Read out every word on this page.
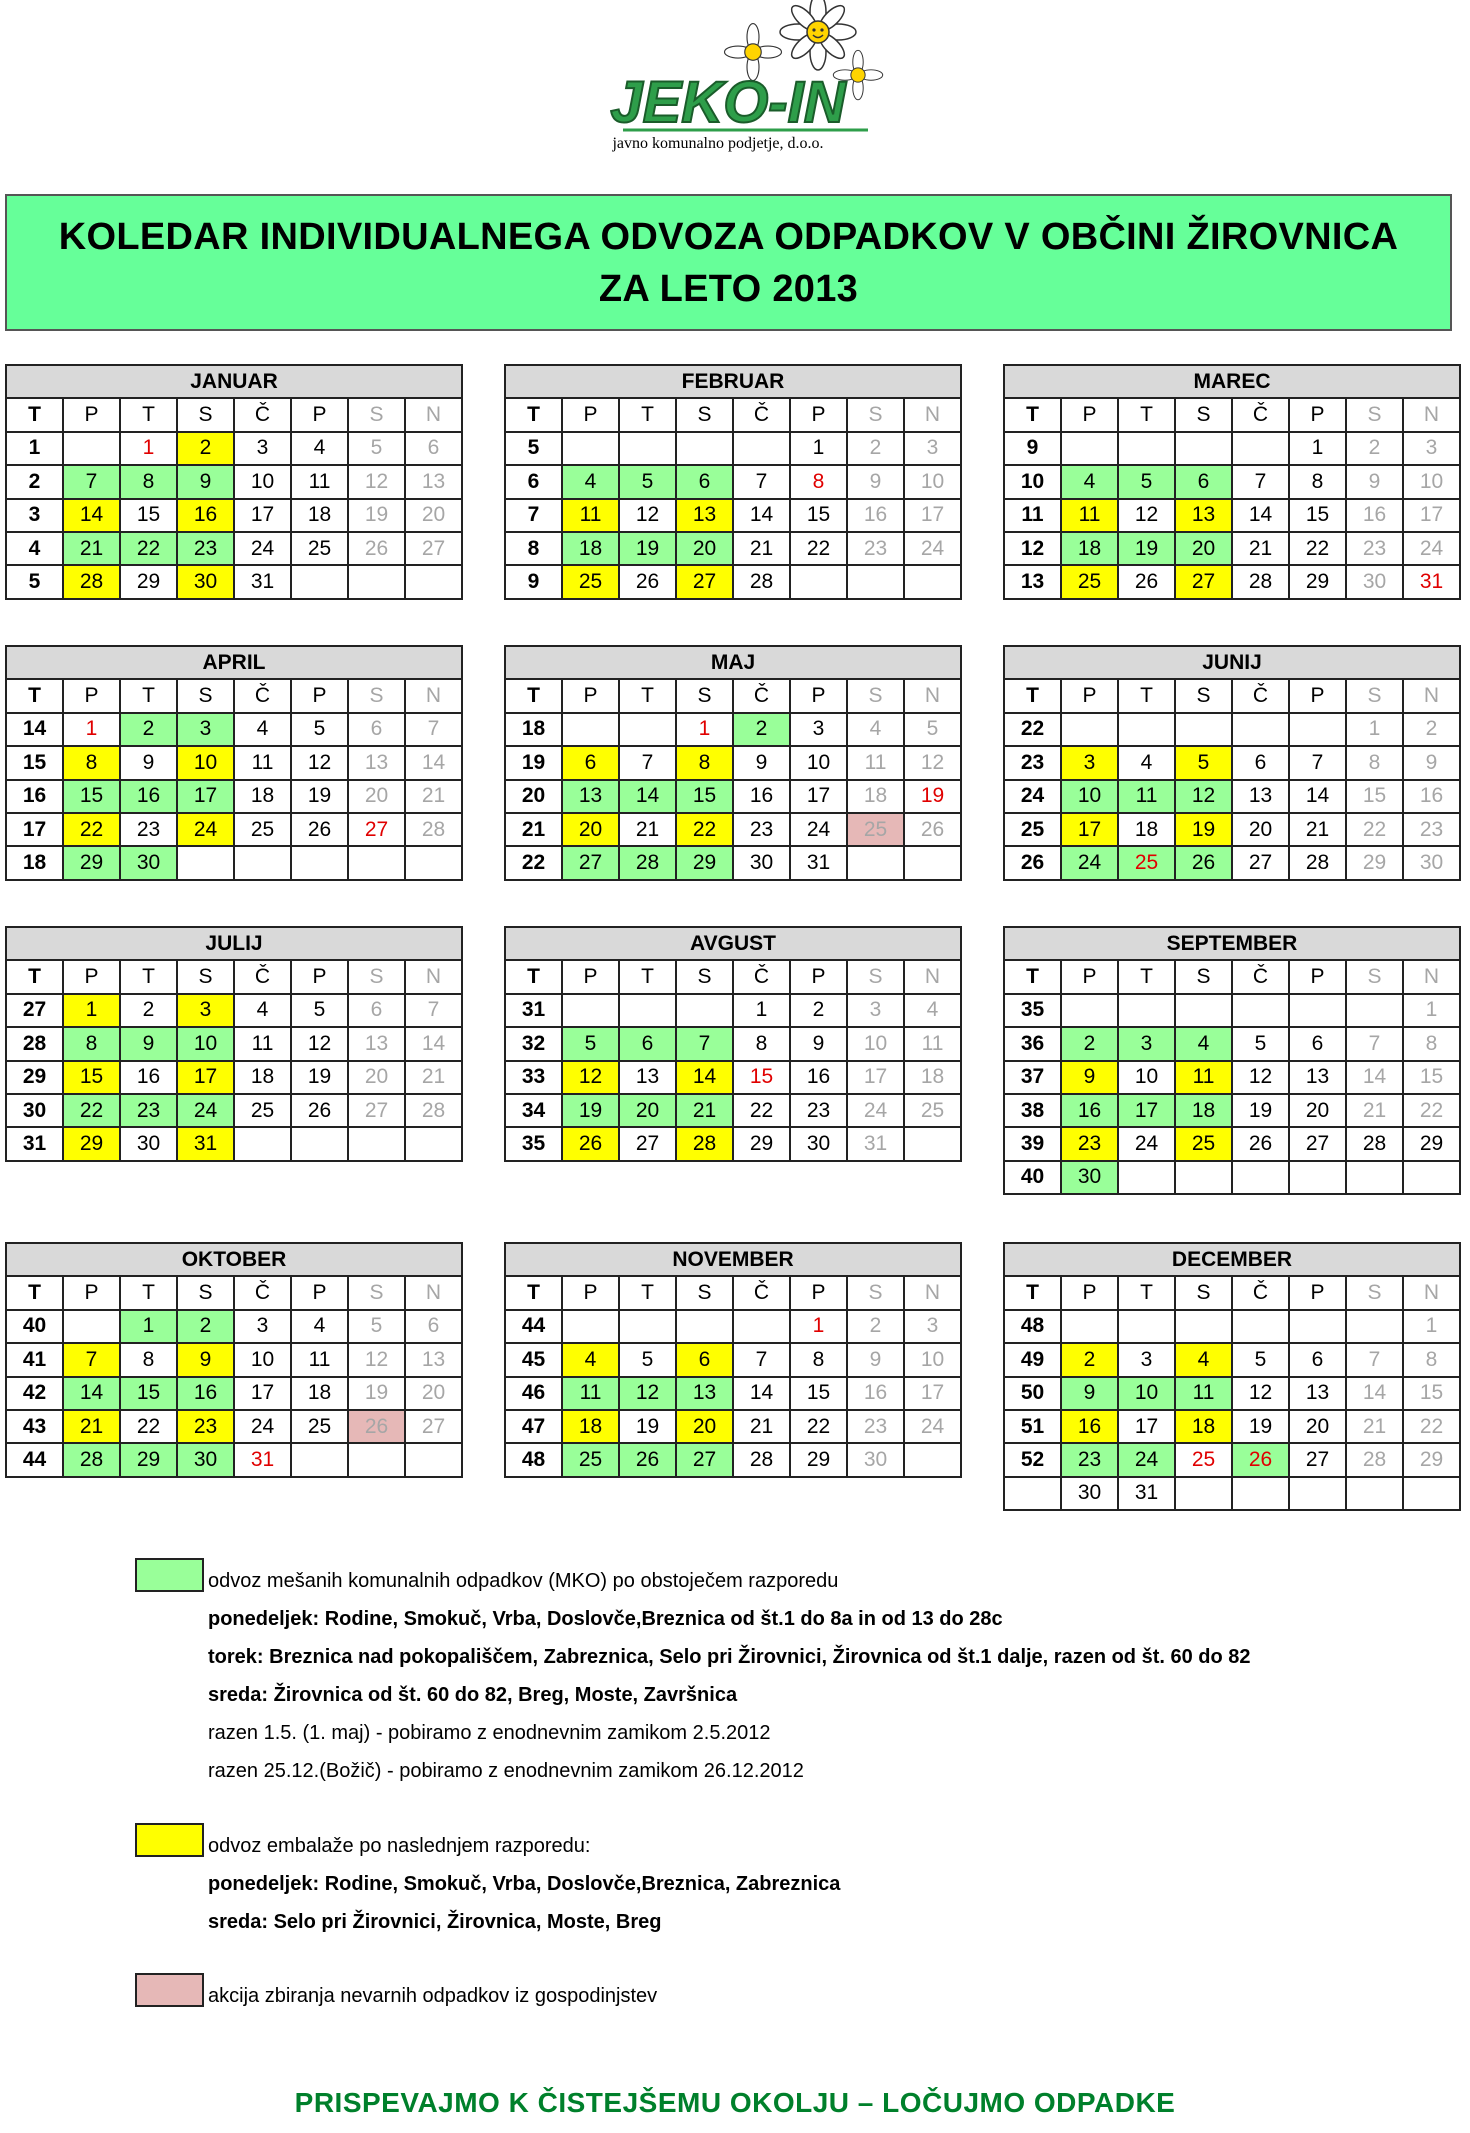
JEKO-IN
javno komunalno podjetje, d.o.o.
KOLEDAR INDIVIDUALNEGA ODVOZA ODPADKOV V OBČINI ŽIROVNICA
ZA LETO 2013
JANUAR							
T	P	T	S	Č	P	S	N
1		1	2	3	4	5	6
2	7	8	9	10	11	12	13
3	14	15	16	17	18	19	20
4	21	22	23	24	25	26	27
5	28	29	30	31			
FEBRUAR							
T	P	T	S	Č	P	S	N
5					1	2	3
6	4	5	6	7	8	9	10
7	11	12	13	14	15	16	17
8	18	19	20	21	22	23	24
9	25	26	27	28			
MAREC							
T	P	T	S	Č	P	S	N
9					1	2	3
10	4	5	6	7	8	9	10
11	11	12	13	14	15	16	17
12	18	19	20	21	22	23	24
13	25	26	27	28	29	30	31
APRIL							
T	P	T	S	Č	P	S	N
14	1	2	3	4	5	6	7
15	8	9	10	11	12	13	14
16	15	16	17	18	19	20	21
17	22	23	24	25	26	27	28
18	29	30					
MAJ							
T	P	T	S	Č	P	S	N
18			1	2	3	4	5
19	6	7	8	9	10	11	12
20	13	14	15	16	17	18	19
21	20	21	22	23	24	25	26
22	27	28	29	30	31		
JUNIJ							
T	P	T	S	Č	P	S	N
22						1	2
23	3	4	5	6	7	8	9
24	10	11	12	13	14	15	16
25	17	18	19	20	21	22	23
26	24	25	26	27	28	29	30
JULIJ							
T	P	T	S	Č	P	S	N
27	1	2	3	4	5	6	7
28	8	9	10	11	12	13	14
29	15	16	17	18	19	20	21
30	22	23	24	25	26	27	28
31	29	30	31				
AVGUST							
T	P	T	S	Č	P	S	N
31				1	2	3	4
32	5	6	7	8	9	10	11
33	12	13	14	15	16	17	18
34	19	20	21	22	23	24	25
35	26	27	28	29	30	31	
SEPTEMBER							
T	P	T	S	Č	P	S	N
35							1
36	2	3	4	5	6	7	8
37	9	10	11	12	13	14	15
38	16	17	18	19	20	21	22
39	23	24	25	26	27	28	29
40	30						
OKTOBER							
T	P	T	S	Č	P	S	N
40		1	2	3	4	5	6
41	7	8	9	10	11	12	13
42	14	15	16	17	18	19	20
43	21	22	23	24	25	26	27
44	28	29	30	31			
NOVEMBER							
T	P	T	S	Č	P	S	N
44					1	2	3
45	4	5	6	7	8	9	10
46	11	12	13	14	15	16	17
47	18	19	20	21	22	23	24
48	25	26	27	28	29	30	
DECEMBER							
T	P	T	S	Č	P	S	N
48							1
49	2	3	4	5	6	7	8
50	9	10	11	12	13	14	15
51	16	17	18	19	20	21	22
52	23	24	25	26	27	28	29
	30	31					
odvoz mešanih komunalnih odpadkov (MKO) po obstoječem razporedu
ponedeljek: Rodine, Smokuč, Vrba, Doslovče,Breznica od št.1 do 8a in od 13 do 28c
torek: Breznica nad pokopališčem, Zabreznica, Selo pri Žirovnici, Žirovnica od št.1 dalje, razen od št. 60 do 82
sreda: Žirovnica od št. 60 do 82, Breg, Moste, Završnica
razen 1.5. (1. maj) - pobiramo z enodnevnim zamikom 2.5.2012
razen 25.12.(Božič) - pobiramo z enodnevnim zamikom 26.12.2012
odvoz embalaže po naslednjem razporedu:
ponedeljek: Rodine, Smokuč, Vrba, Doslovče,Breznica, Zabreznica
sreda: Selo pri Žirovnici, Žirovnica, Moste, Breg
akcija zbiranja nevarnih odpadkov iz gospodinjstev
PRISPEVAJMO K ČISTEJŠEMU OKOLJU – LOČUJMO ODPADKE
